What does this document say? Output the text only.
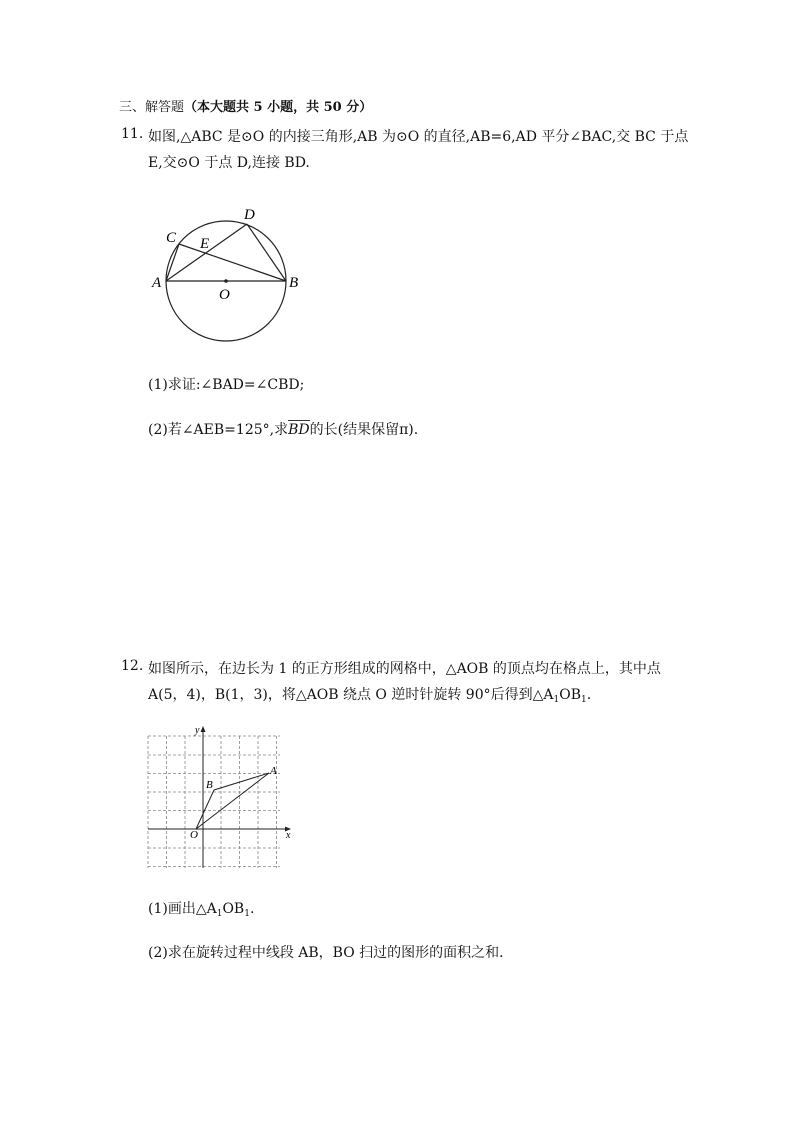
三、解答题（本大题共 5 小题，共 50 分）
11. 如图,△ABC 是⊙O 的内接三角形,AB 为⊙O 的直径,AB=6,AD 平分∠BAC,交 BC 于点
E,交⊙O 于点 D,连接 BD.
A	B
C
D
E
O
(1)求证:∠BAD=∠CBD;
(2)若∠AEB=125°,求BD的长(结果保留π).
12. 如图所示，在边长为 1 的正方形组成的网格中，△AOB 的顶点均在格点上，其中点
A(5，4)，B(1，3)，将△AOB 绕点 O 逆时针旋转 90°后得到$\triangle A_1OB_1$.
y
x
O
A
B
(1)画出$\triangle A_1OB_1$.
(2)求在旋转过程中线段 AB，BO 扫过的图形的面积之和．
